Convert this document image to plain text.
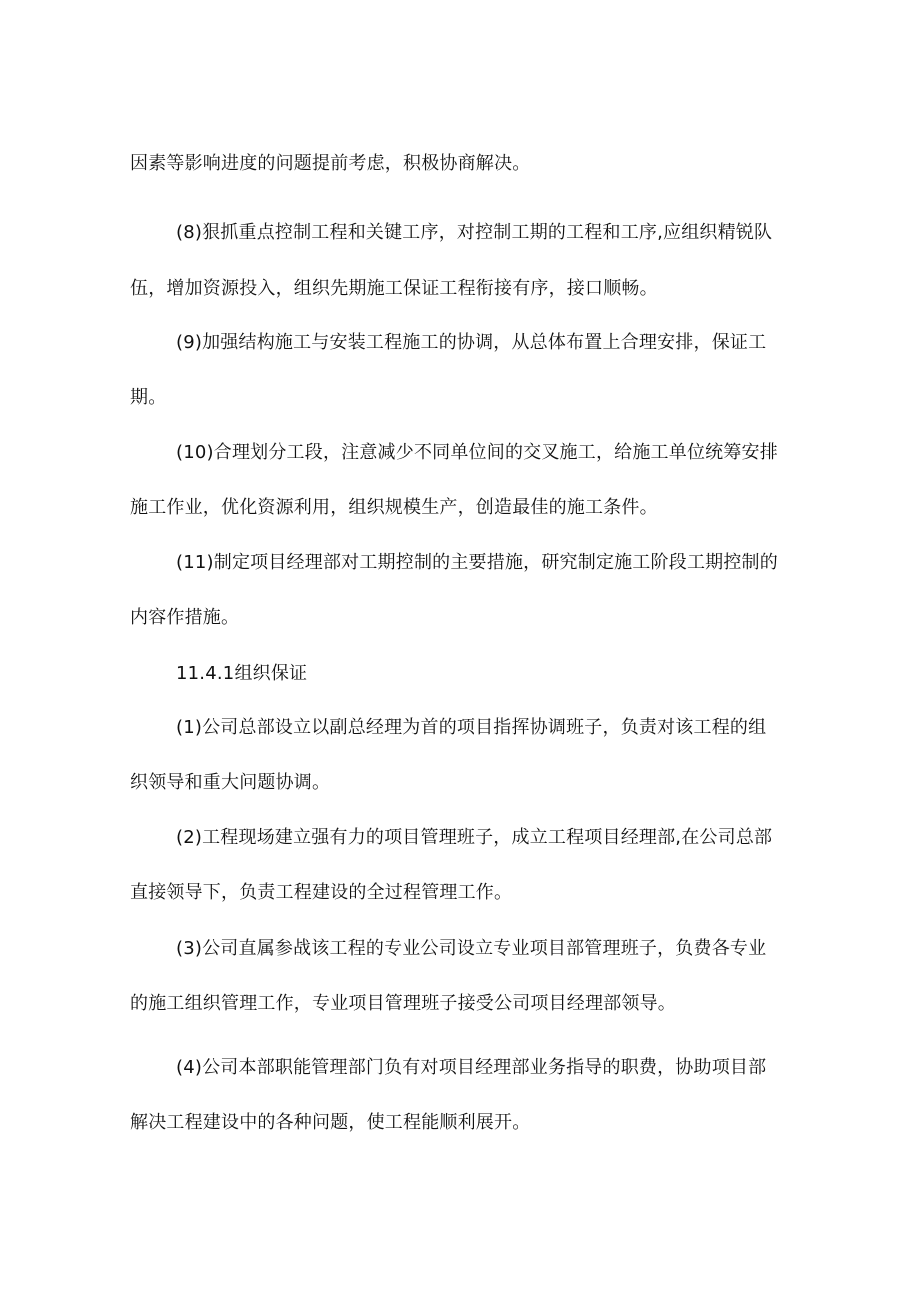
因素等影响进度的问题提前考虑，积极协商解决。
(8)狠抓重点控制工程和关键工序，对控制工期的工程和工序,应组织精锐队
伍，增加资源投入，组织先期施工保证工程衔接有序，接口顺畅。
(9)加强结构施工与安装工程施工的协调，从总体布置上合理安排，保证工
期。
(10)合理划分工段，注意减少不同单位间的交叉施工，给施工单位统筹安排
施工作业，优化资源利用，组织规模生产，创造最佳的施工条件。
(11)制定项目经理部对工期控制的主要措施，研究制定施工阶段工期控制的
内容作措施。
11.4.1组织保证
(1)公司总部设立以副总经理为首的项目指挥协调班子，负责对该工程的组
织领导和重大问题协调。
(2)工程现场建立强有力的项目管理班子，成立工程项目经理部,在公司总部
直接领导下，负责工程建设的全过程管理工作。
(3)公司直属参战该工程的专业公司设立专业项目部管理班子，负费各专业
的施工组织管理工作，专业项目管理班子接受公司项目经理部领导。
(4)公司本部职能管理部门负有对项目经理部业务指导的职费，协助项目部
解决工程建设中的各种问题，使工程能顺利展开。
